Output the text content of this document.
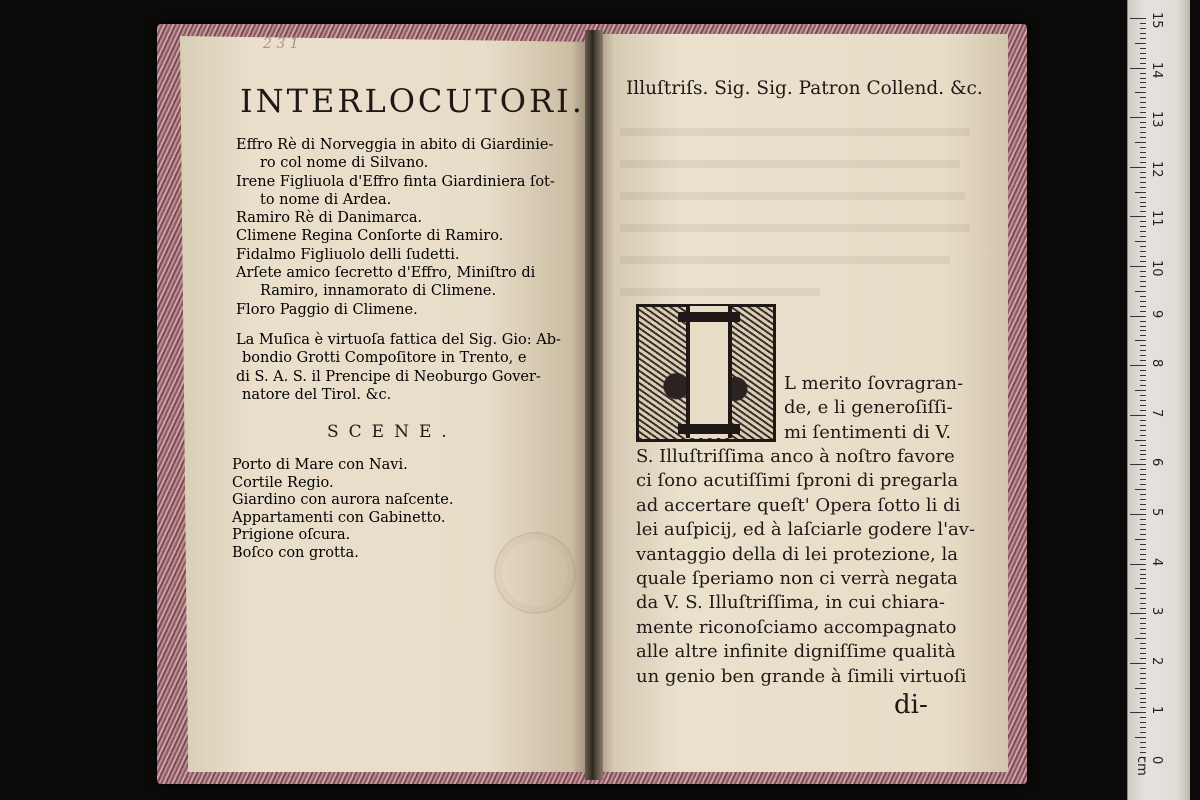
2 3 1
INTERLOCUTORI.
Effro Rè di Norveggia in abito di Giardinie-
ro col nome di Silvano.
Irene Figliuola d'Effro finta Giardiniera ſot-
to nome di Ardea.
Ramiro Rè di Danimarca.
Climene Regina Conſorte di Ramiro.
Fidalmo Figliuolo delli ſudetti.
Arſete amico ſecretto d'Effro, Miniſtro di
Ramiro, innamorato di Climene.
Floro Paggio di Climene.
La Muſica è virtuoſa fattica del Sig. Gio: Ab-
bondio Grotti Compoſitore in Trento, e
di S. A. S. il Prencipe di Neoburgo Gover-
natore del Tirol. &c.
SCENE.
Porto di Mare con Navi.
Cortile Regio.
Giardino con aurora naſcente.
Appartamenti con Gabinetto.
Prigione oſcura.
Boſco con grotta.
Illuſtriſs. Sig. Sig. Patron Collend. &c.
L merito ſovragran-
de, e li generoſiſſi-
mi ſentimenti di V.
S. Illuſtriſſima anco à noſtro favore
ci ſono acutiſſimi ſproni di pregarla
ad accertare queſt' Opera ſotto li di
lei auſpicij, ed à laſciarle godere l'av-
vantaggio della di lei protezione, la
quale ſperiamo non ci verrà negata
da V. S. Illuſtriſſima, in cui chiara-
mente riconoſciamo accompagnato
alle altre infinite digniſſime qualità
un genio ben grande à ſimili virtuoſi
di-
15
14
13
12
11
10
9
8
7
6
5
4
3
2
1
0 cm
